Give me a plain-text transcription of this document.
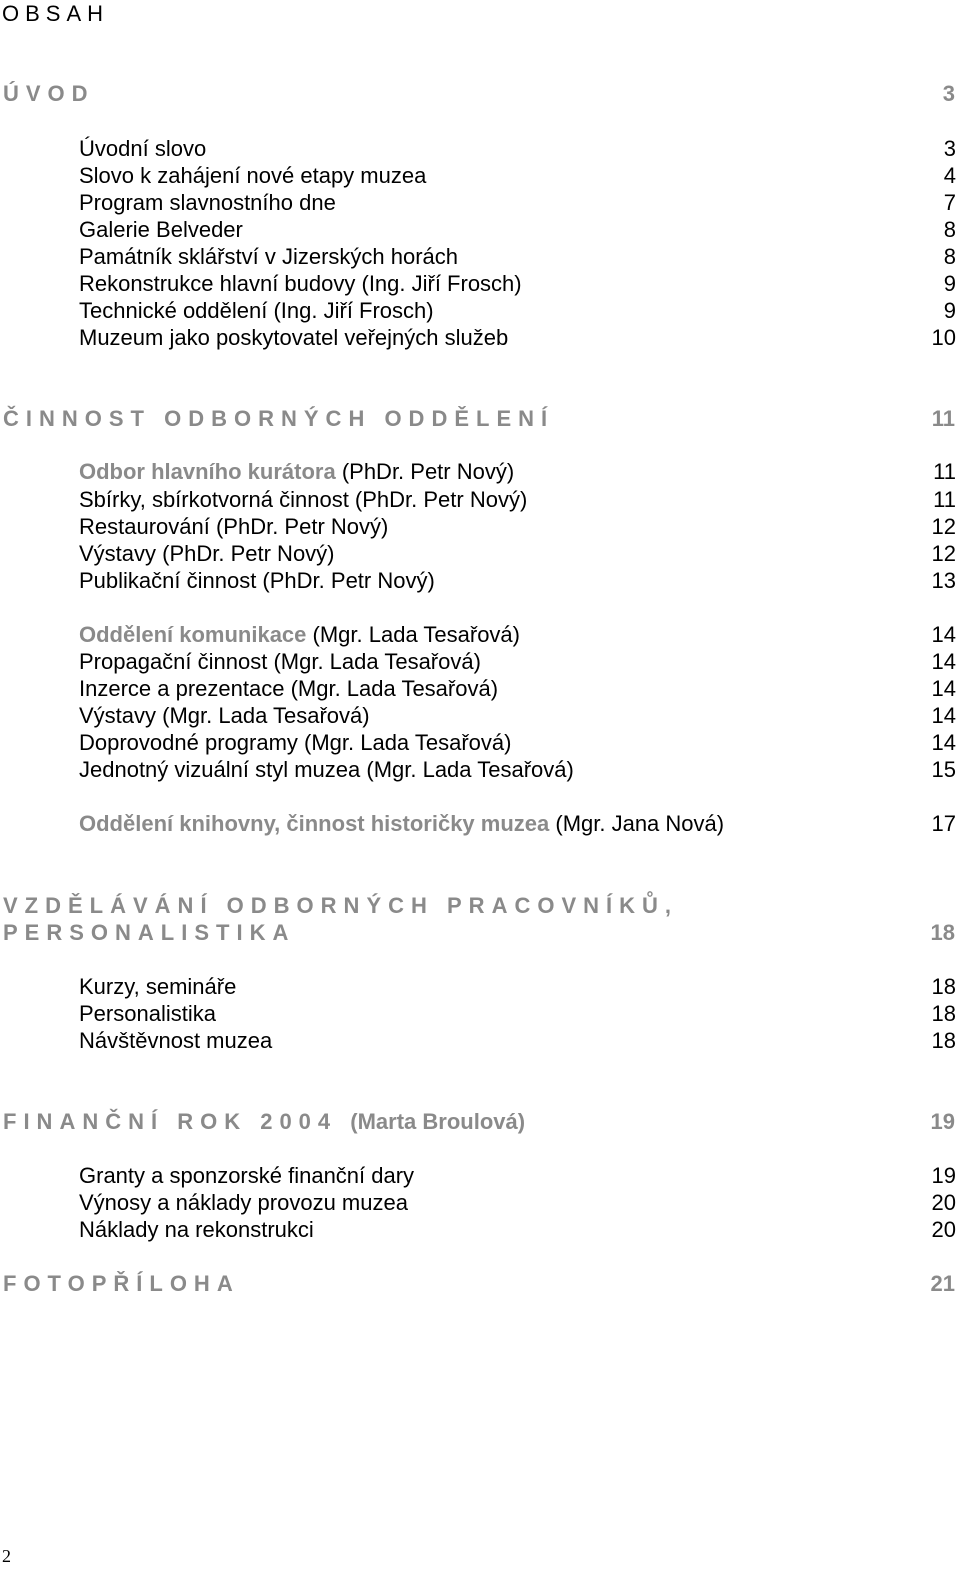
OBSAH
ÚVOD	3
Úvodní slovo	3
Slovo k zahájení nové etapy muzea	4
Program slavnostního dne	7
Galerie Belveder	8
Památník sklářství v Jizerských horách	8
Rekonstrukce hlavní budovy (Ing. Jiří Frosch)	9
Technické oddělení (Ing. Jiří Frosch)	9
Muzeum jako poskytovatel veřejných služeb	10
ČINNOST ODBORNÝCH ODDĚLENÍ	11
Odbor hlavního kurátora (PhDr. Petr Nový)	11
Sbírky, sbírkotvorná činnost (PhDr. Petr Nový)	11
Restaurování (PhDr. Petr Nový)	12
Výstavy (PhDr. Petr Nový)	12
Publikační činnost (PhDr. Petr Nový)	13
Oddělení komunikace (Mgr. Lada Tesařová)	14
Propagační činnost (Mgr. Lada Tesařová)	14
Inzerce a prezentace (Mgr. Lada Tesařová)	14
Výstavy (Mgr. Lada Tesařová)	14
Doprovodné programy (Mgr. Lada Tesařová)	14
Jednotný vizuální styl muzea (Mgr. Lada Tesařová)	15
Oddělení knihovny, činnost historičky muzea (Mgr. Jana Nová)	17
VZDĚLÁVÁNÍ ODBORNÝCH PRACOVNÍKŮ,
PERSONALISTIKA	18
Kurzy, semináře	18
Personalistika	18
Návštěvnost muzea	18
FINANČNÍ ROK 2004 (Marta Broulová)	19
Granty a sponzorské finanční dary	19
Výnosy a náklady provozu muzea	20
Náklady na rekonstrukci	20
FOTOPŘÍLOHA	21
2
